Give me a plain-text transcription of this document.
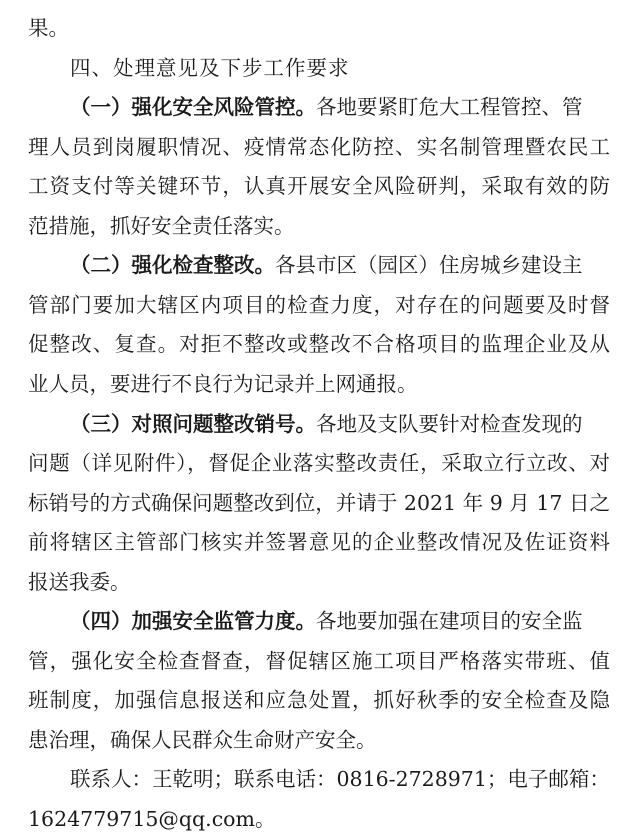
果。
四、处理意见及下步工作要求
（一）强化安全风险管控。各地要紧盯危大工程管控、管
理人员到岗履职情况、疫情常态化防控、实名制管理暨农民工
工资支付等关键环节，认真开展安全风险研判，采取有效的防
范措施，抓好安全责任落实。
（二）强化检查整改。各县市区（园区）住房城乡建设主
管部门要加大辖区内项目的检查力度，对存在的问题要及时督
促整改、复查。对拒不整改或整改不合格项目的监理企业及从
业人员，要进行不良行为记录并上网通报。
（三）对照问题整改销号。各地及支队要针对检查发现的
问题（详见附件），督促企业落实整改责任，采取立行立改、对
标销号的方式确保问题整改到位，并请于 2021 年 9 月 17 日之
前将辖区主管部门核实并签署意见的企业整改情况及佐证资料
报送我委。
（四）加强安全监管力度。各地要加强在建项目的安全监
管，强化安全检查督查，督促辖区施工项目严格落实带班、值
班制度，加强信息报送和应急处置，抓好秋季的安全检查及隐
患治理，确保人民群众生命财产安全。
联系人：王乾明；联系电话：0816-2728971；电子邮箱：
1624779715@qq.com。
